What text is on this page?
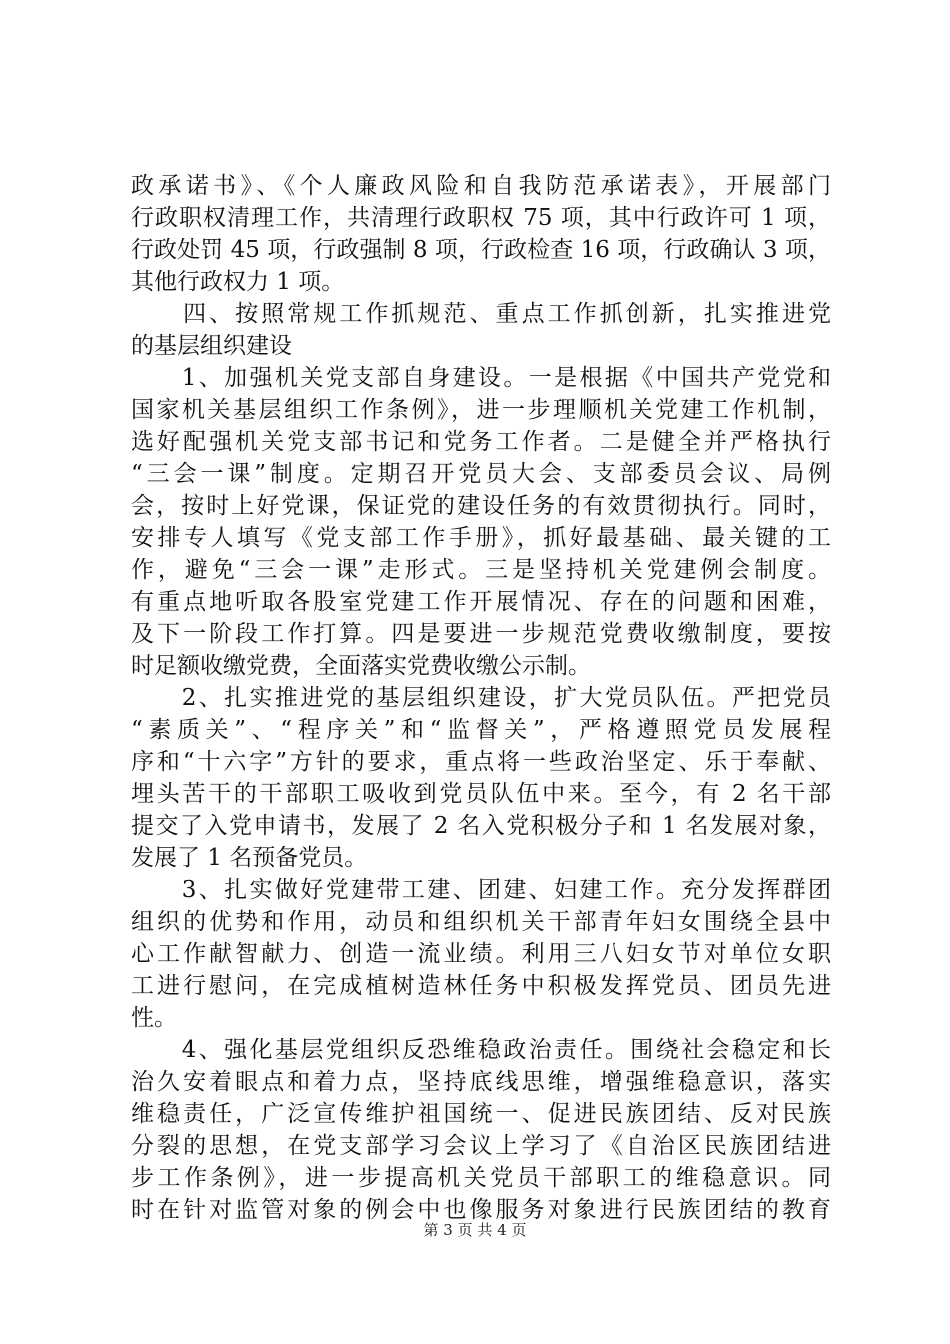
政承诺书》、《个人廉政风险和自我防范承诺表》，开展部门
行政职权清理工作，共清理行政职权 75 项，其中行政许可 1 项，
行政处罚 45 项，行政强制 8 项，行政检查 16 项，行政确认 3 项，
其他行政权力 1 项。
　　四、按照常规工作抓规范、重点工作抓创新，扎实推进党
的基层组织建设
　　1、加强机关党支部自身建设。一是根据《中国共产党党和
国家机关基层组织工作条例》，进一步理顺机关党建工作机制，
选好配强机关党支部书记和党务工作者。二是健全并严格执行
“三会一课”制度。定期召开党员大会、支部委员会议、局例
会，按时上好党课，保证党的建设任务的有效贯彻执行。同时，
安排专人填写《党支部工作手册》，抓好最基础、最关键的工
作，避免“三会一课”走形式。三是坚持机关党建例会制度。
有重点地听取各股室党建工作开展情况、存在的问题和困难，
及下一阶段工作打算。四是要进一步规范党费收缴制度，要按
时足额收缴党费，全面落实党费收缴公示制。
　　2、扎实推进党的基层组织建设，扩大党员队伍。严把党员
“素质关”、“程序关”和“监督关”，严格遵照党员发展程
序和“十六字”方针的要求，重点将一些政治坚定、乐于奉献、
埋头苦干的干部职工吸收到党员队伍中来。至今，有 2 名干部
提交了入党申请书，发展了 2 名入党积极分子和 1 名发展对象，
发展了 1 名预备党员。
　　3、扎实做好党建带工建、团建、妇建工作。充分发挥群团
组织的优势和作用，动员和组织机关干部青年妇女围绕全县中
心工作献智献力、创造一流业绩。利用三八妇女节对单位女职
工进行慰问，在完成植树造林任务中积极发挥党员、团员先进
性。
　　4、强化基层党组织反恐维稳政治责任。围绕社会稳定和长
治久安着眼点和着力点，坚持底线思维，增强维稳意识，落实
维稳责任，广泛宣传维护祖国统一、促进民族团结、反对民族
分裂的思想，在党支部学习会议上学习了《自治区民族团结进
步工作条例》，进一步提高机关党员干部职工的维稳意识。同
时在针对监管对象的例会中也像服务对象进行民族团结的教育
第 3 页 共 4 页
